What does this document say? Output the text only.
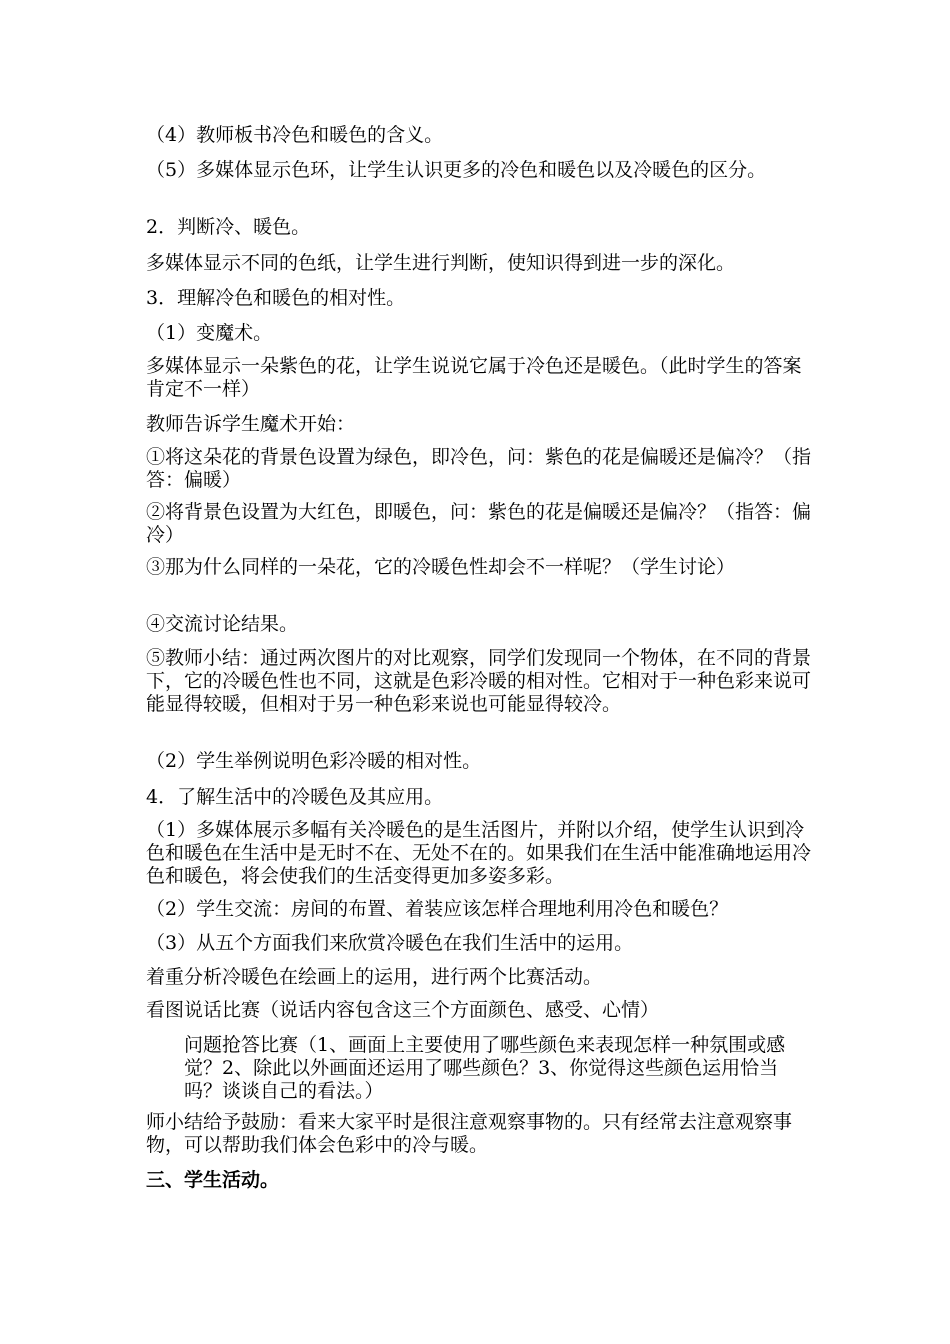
（4）教师板书冷色和暖色的含义。

（5）多媒体显示色环，让学生认识更多的冷色和暖色以及冷暖色的区分。

2．判断冷、暖色。

多媒体显示不同的色纸，让学生进行判断，使知识得到进一步的深化。

3．理解冷色和暖色的相对性。

（1）变魔术。

多媒体显示一朵紫色的花，让学生说说它属于冷色还是暖色。（此时学生的答案肯定不一样）

教师告诉学生魔术开始：

①将这朵花的背景色设置为绿色，即冷色，问：紫色的花是偏暖还是偏冷？（指答：偏暖）

②将背景色设置为大红色，即暖色，问：紫色的花是偏暖还是偏冷？（指答：偏冷）

③那为什么同样的一朵花，它的冷暖色性却会不一样呢？（学生讨论）

④交流讨论结果。

⑤教师小结：通过两次图片的对比观察，同学们发现同一个物体，在不同的背景下，它的冷暖色性也不同，这就是色彩冷暖的相对性。它相对于一种色彩来说可能显得较暖，但相对于另一种色彩来说也可能显得较冷。

（2）学生举例说明色彩冷暖的相对性。

4．了解生活中的冷暖色及其应用。

（1）多媒体展示多幅有关冷暖色的是生活图片，并附以介绍，使学生认识到冷色和暖色在生活中是无时不在、无处不在的。如果我们在生活中能准确地运用冷色和暖色，将会使我们的生活变得更加多姿多彩。

（2）学生交流：房间的布置、着装应该怎样合理地利用冷色和暖色？

（3）从五个方面我们来欣赏冷暖色在我们生活中的运用。

着重分析冷暖色在绘画上的运用，进行两个比赛活动。

看图说话比赛（说话内容包含这三个方面颜色、感受、心情）

问题抢答比赛（1、画面上主要使用了哪些颜色来表现怎样一种氛围或感觉？2、除此以外画面还运用了哪些颜色？3、你觉得这些颜色运用恰当吗？谈谈自己的看法。）

师小结给予鼓励：看来大家平时是很注意观察事物的。只有经常去注意观察事物，可以帮助我们体会色彩中的冷与暖。

三、学生活动。
